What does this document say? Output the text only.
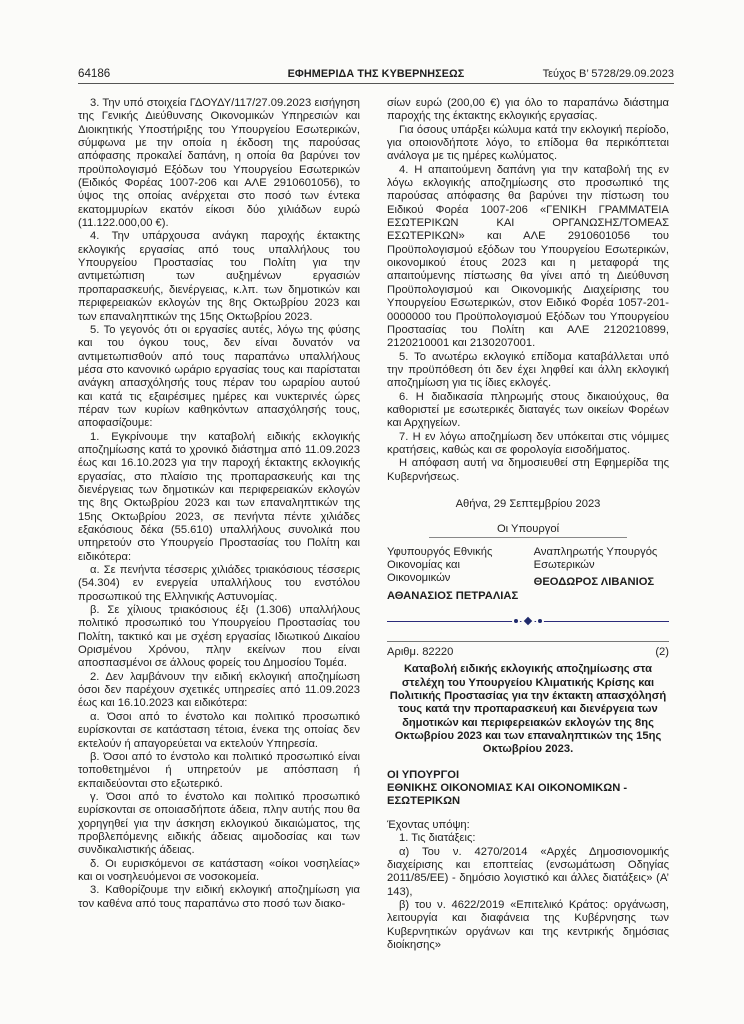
64186	ΕΦΗΜΕΡΙΔΑ ΤΗΣ ΚΥΒΕΡΝΗΣΕΩΣ	Τεύχος Β’ 5728/29.09.2023

3. Την υπό στοιχεία ΓΔΟΥΔΥ/117/27.09.2023 εισήγηση της Γενικής Διεύθυνσης Οικονομικών Υπηρεσιών και Διοικητικής Υποστήριξης του Υπουργείου Εσωτερικών, σύμφωνα με την οποία η έκδοση της παρούσας απόφασης προκαλεί δαπάνη, η οποία θα βαρύνει τον προϋπολογισμό Εξόδων του Υπουργείου Εσωτερικών (Ειδικός Φορέας 1007-206 και ΑΛΕ 2910601056), το ύψος της οποίας ανέρχεται στο ποσό των έντεκα εκατομμυρίων εκατόν είκοσι δύο χιλιάδων ευρώ (11.122.000,00 €).

4. Την υπάρχουσα ανάγκη παροχής έκτακτης εκλογικής εργασίας από τους υπαλλήλους του Υπουργείου Προστασίας του Πολίτη για την αντιμετώπιση των αυξημένων εργασιών προπαρασκευής, διενέργειας, κ.λπ. των δημοτικών και περιφερειακών εκλογών της 8ης Οκτωβρίου 2023 και των επαναληπτικών της 15ης Οκτωβρίου 2023.

5. Το γεγονός ότι οι εργασίες αυτές, λόγω της φύσης και του όγκου τους, δεν είναι δυνατόν να αντιμετωπισθούν από τους παραπάνω υπαλλήλους μέσα στο κανονικό ωράριο εργασίας τους και παρίσταται ανάγκη απασχόλησής τους πέραν του ωραρίου αυτού και κατά τις εξαιρέσιμες ημέρες και νυκτερινές ώρες πέραν των κυρίων καθηκόντων απασχόλησής τους, αποφασίζουμε:

1. Εγκρίνουμε την καταβολή ειδικής εκλογικής αποζημίωσης κατά το χρονικό διάστημα από 11.09.2023 έως και 16.10.2023 για την παροχή έκτακτης εκλογικής εργασίας, στο πλαίσιο της προπαρασκευής και της διενέργειας των δημοτικών και περιφερειακών εκλογών της 8ης Οκτωβρίου 2023 και των επαναληπτικών της 15ης Οκτωβρίου 2023, σε πενήντα πέντε χιλιάδες εξακόσιους δέκα (55.610) υπαλλήλους συνολικά που υπηρετούν στο Υπουργείο Προστασίας του Πολίτη και ειδικότερα:

α. Σε πενήντα τέσσερις χιλιάδες τριακόσιους τέσσερις (54.304) εν ενεργεία υπαλλήλους του ενστόλου προσωπικού της Ελληνικής Αστυνομίας.

β. Σε χίλιους τριακόσιους έξι (1.306) υπαλλήλους πολιτικό προσωπικό του Υπουργείου Προστασίας του Πολίτη, τακτικό και με σχέση εργασίας Ιδιωτικού Δικαίου Ορισμένου Χρόνου, πλην εκείνων που είναι αποσπασμένοι σε άλλους φορείς του Δημοσίου Τομέα.

2. Δεν λαμβάνουν την ειδική εκλογική αποζημίωση όσοι δεν παρέχουν σχετικές υπηρεσίες από 11.09.2023 έως και 16.10.2023 και ειδικότερα:

α. Όσοι από το ένστολο και πολιτικό προσωπικό ευρίσκονται σε κατάσταση τέτοια, ένεκα της οποίας δεν εκτελούν ή απαγορεύεται να εκτελούν Υπηρεσία.

β. Όσοι από το ένστολο και πολιτικό προσωπικό είναι τοποθετημένοι ή υπηρετούν με απόσπαση ή εκπαιδεύονται στο εξωτερικό.

γ. Όσοι από το ένστολο και πολιτικό προσωπικό ευρίσκονται σε οποιασδήποτε άδεια, πλην αυτής που θα χορηγηθεί για την άσκηση εκλογικού δικαιώματος, της προβλεπόμενης ειδικής άδειας αιμοδοσίας και των συνδικαλιστικής άδειας.

δ. Οι ευρισκόμενοι σε κατάσταση «οίκοι νοσηλείας» και οι νοσηλευόμενοι σε νοσοκομεία.

3. Καθορίζουμε την ειδική εκλογική αποζημίωση για τον καθένα από τους παραπάνω στο ποσό των διακο-

σίων ευρώ (200,00 €) για όλο το παραπάνω διάστημα παροχής της έκτακτης εκλογικής εργασίας.

Για όσους υπάρξει κώλυμα κατά την εκλογική περίοδο, για οποιονδήποτε λόγο, το επίδομα θα περικόπτεται ανάλογα με τις ημέρες κωλύματος.

4. Η απαιτούμενη δαπάνη για την καταβολή της εν λόγω εκλογικής αποζημίωσης στο προσωπικό της παρούσας απόφασης θα βαρύνει την πίστωση του Ειδικού Φορέα 1007-206 «ΓΕΝΙΚΗ ΓΡΑΜΜΑΤΕΙΑ ΕΣΩΤΕΡΙΚΩΝ ΚΑΙ ΟΡΓΑΝΩΣΗΣ/ΤΟΜΕΑΣ ΕΣΩΤΕΡΙΚΩΝ» και ΑΛΕ 2910601056 του Προϋπολογισμού εξόδων του Υπουργείου Εσωτερικών, οικονομικού έτους 2023 και η μεταφορά της απαιτούμενης πίστωσης θα γίνει από τη Διεύθυνση Προϋπολογισμού και Οικονομικής Διαχείρισης του Υπουργείου Εσωτερικών, στον Ειδικό Φορέα 1057-201-0000000 του Προϋπολογισμού Εξόδων του Υπουργείου Προστασίας του Πολίτη και ΑΛΕ 2120210899, 2120210001 και 2130207001.

5. Το ανωτέρω εκλογικό επίδομα καταβάλλεται υπό την προϋπόθεση ότι δεν έχει ληφθεί και άλλη εκλογική αποζημίωση για τις ίδιες εκλογές.

6. Η διαδικασία πληρωμής στους δικαιούχους, θα καθοριστεί με εσωτερικές διαταγές των οικείων Φορέων και Αρχηγείων.

7. Η εν λόγω αποζημίωση δεν υπόκειται στις νόμιμες κρατήσεις, καθώς και σε φορολογία εισοδήματος.

Η απόφαση αυτή να δημοσιευθεί στη Εφημερίδα της Κυβερνήσεως.

Αθήνα, 29 Σεπτεμβρίου 2023

Οι Υπουργοί

Υφυπουργός Εθνικής Οικονομίας και Οικονομικών
ΑΘΑΝΑΣΙΟΣ ΠΕΤΡΑΛΙΑΣ
Αναπληρωτής Υπουργός Εσωτερικών
ΘΕΟΔΩΡΟΣ ΛΙΒΑΝΙΟΣ
Αριθμ. 82220	(2)
Καταβολή ειδικής εκλογικής αποζημίωσης στα στελέχη του Υπουργείου Κλιματικής Κρίσης και Πολιτικής Προστασίας για την έκτακτη απασχόλησή τους κατά την προπαρασκευή και διενέργεια των δημοτικών και περιφερειακών εκλογών της 8ης Οκτωβρίου 2023 και των επαναληπτικών της 15ης Οκτωβρίου 2023.
ΟΙ ΥΠΟΥΡΓΟΙ
ΕΘΝΙΚΗΣ ΟΙΚΟΝΟΜΙΑΣ ΚΑΙ ΟΙΚΟΝΟΜΙΚΩΝ -
ΕΣΩΤΕΡΙΚΩΝ

Έχοντας υπόψη:

1. Τις διατάξεις:

α) Του ν. 4270/2014 «Αρχές Δημοσιονομικής διαχείρισης και εποπτείας (ενσωμάτωση Οδηγίας 2011/85/ΕΕ) - δημόσιο λογιστικό και άλλες διατάξεις» (Α’ 143),

β) του ν. 4622/2019 «Επιτελικό Κράτος: οργάνωση, λειτουργία και διαφάνεια της Κυβέρνησης των Κυβερνητικών οργάνων και της κεντρικής δημόσιας διοίκησης»
